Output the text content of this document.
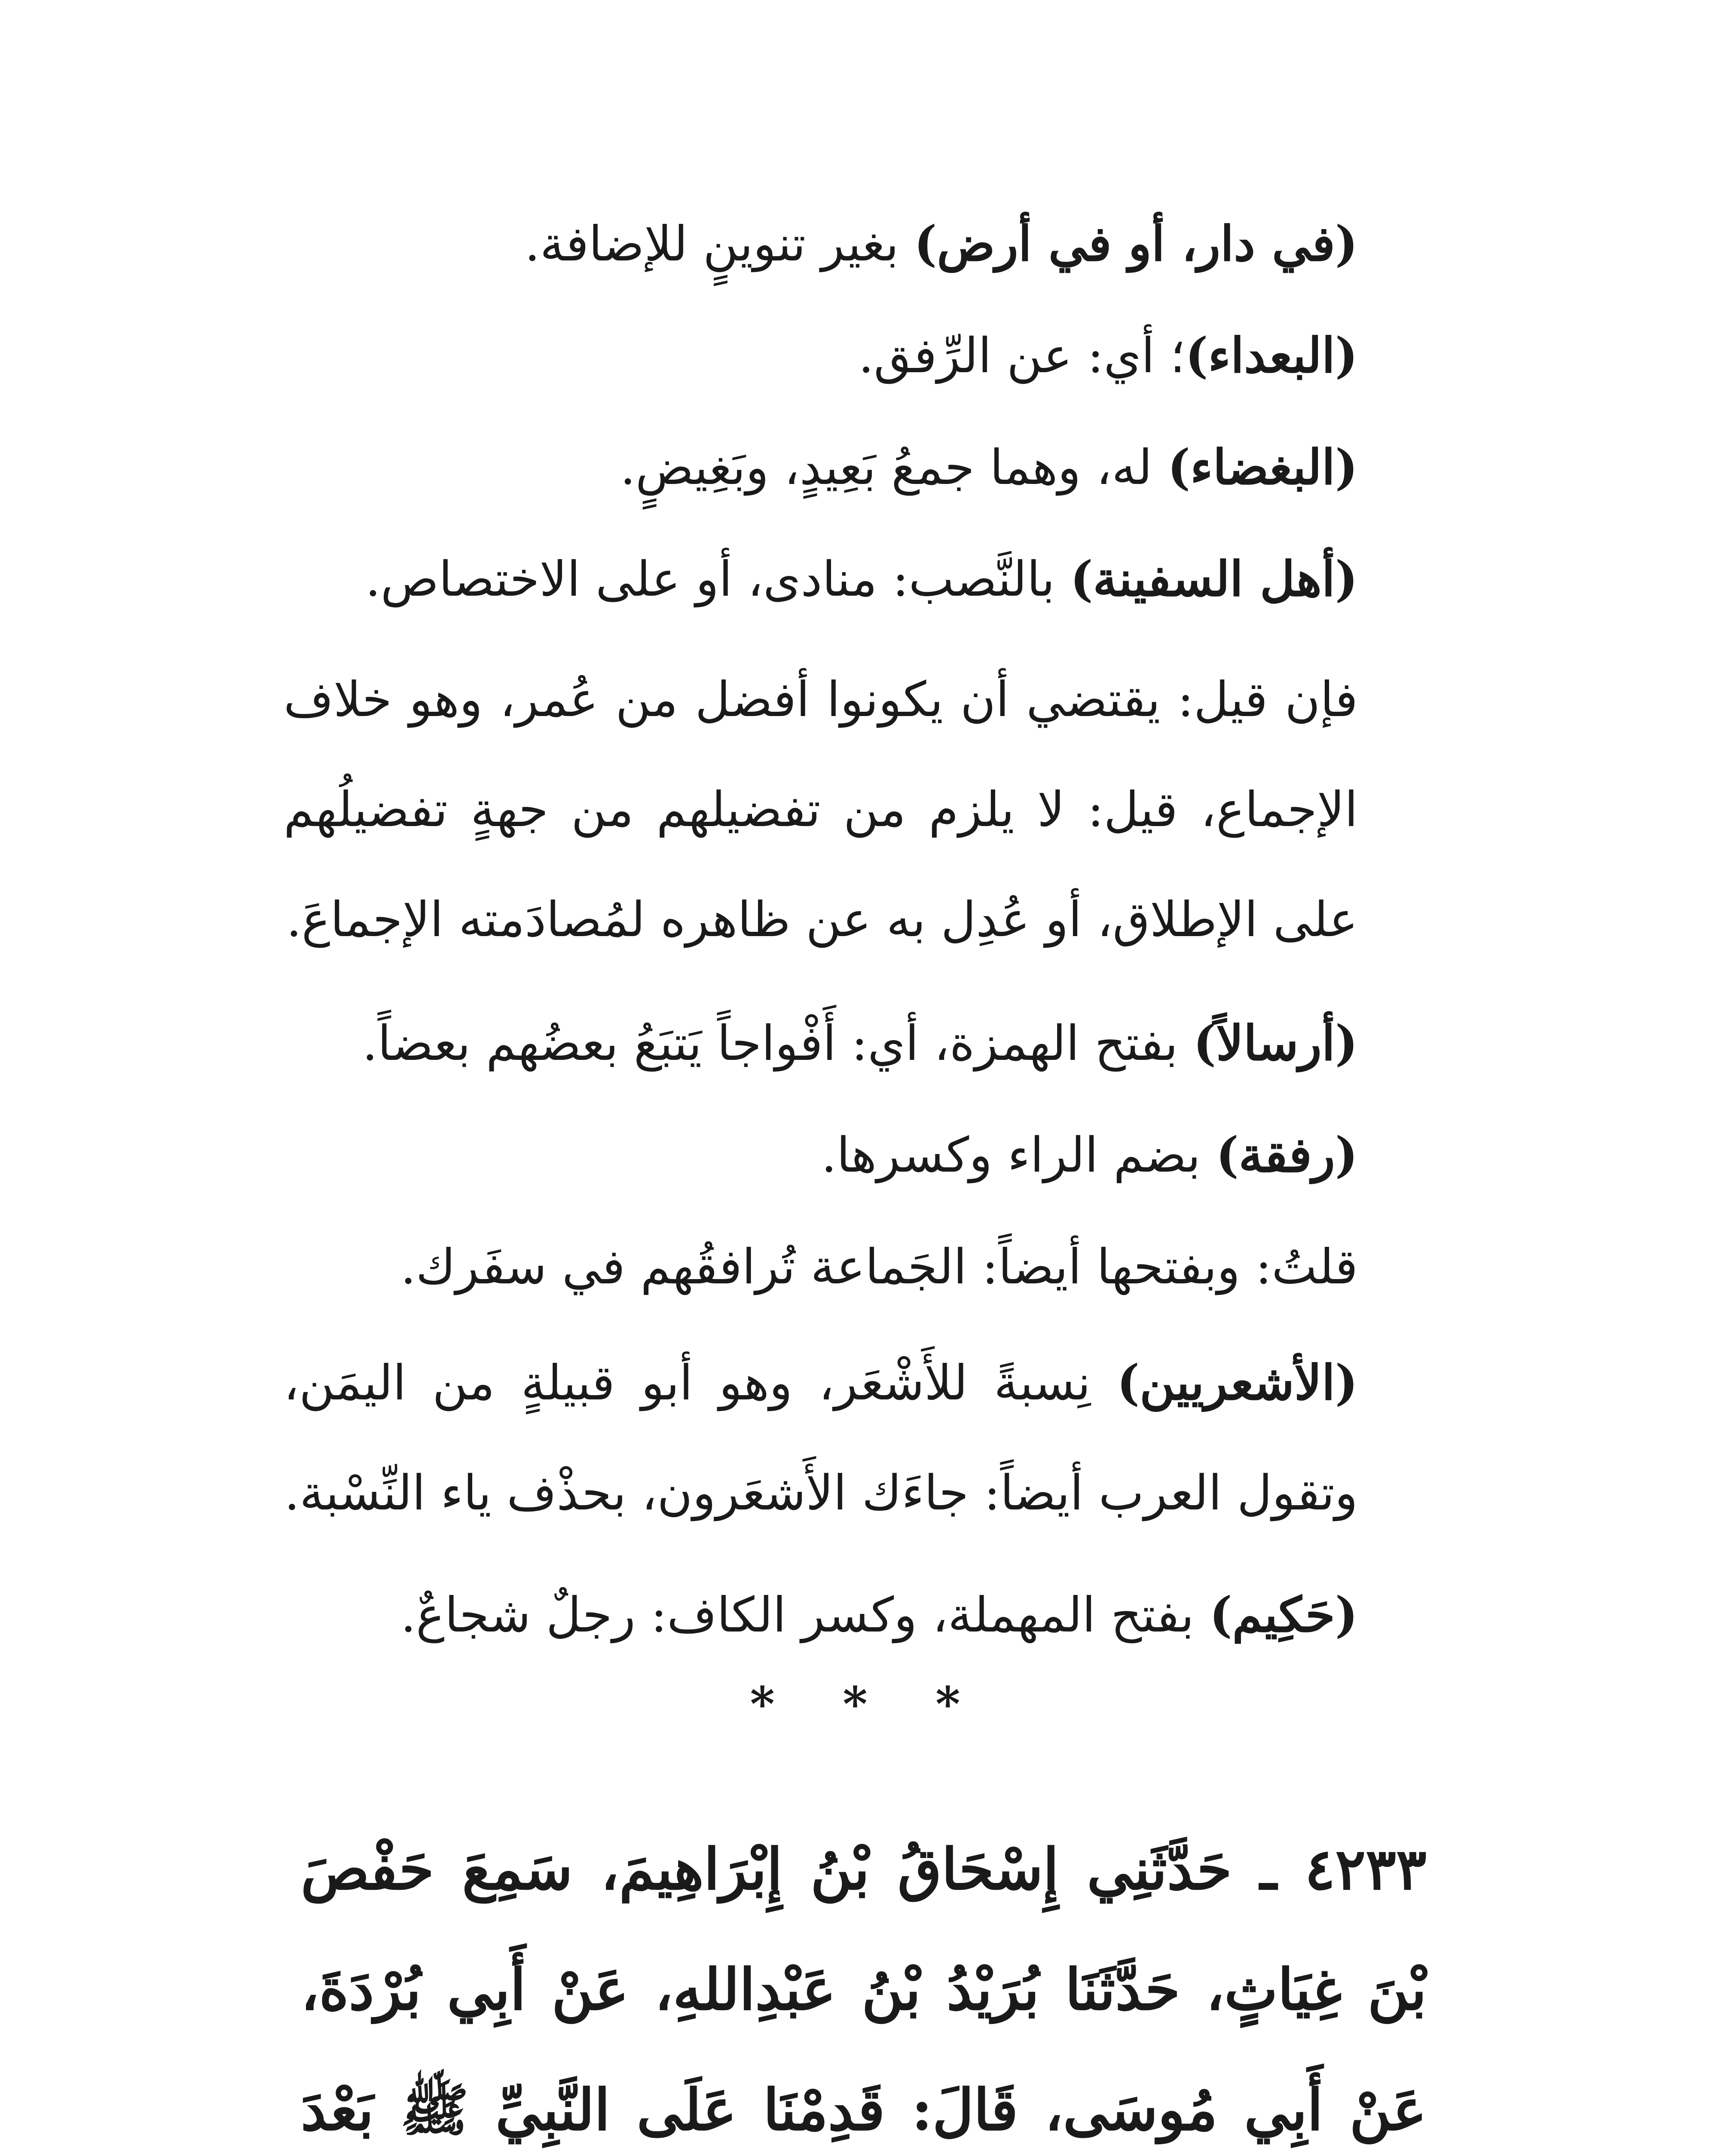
(في دار، أو في أرض) بغير تنوينٍ للإضافة.
(البعداء)؛ أي: عن الرِّفق.
(البغضاء) له، وهما جمعُ بَعِيدٍ، وبَغِيضٍ.
(أهل السفينة) بالنَّصب: منادى، أو على الاختصاص.
فإن قيل: يقتضي أن يكونوا أفضل من عُمر، وهو خلاف الإجماع، قيل: لا يلزم من تفضيلهم من جهةٍ تفضيلُهم على الإطلاق، أو عُدِل به عن ظاهره لمُصادَمته الإجماعَ.
(أرسالاً) بفتح الهمزة، أي: أَفْواجاً يَتبَعُ بعضُهم بعضاً.
(رفقة) بضم الراء وكسرها.
قلتُ: وبفتحها أيضاً: الجَماعة تُرافقُهم في سفَرك.
(الأشعريين) نِسبةً للأَشْعَر، وهو أبو قبيلةٍ من اليمَن، وتقول العرب أيضاً: جاءَك الأَشعَرون، بحذْف ياء النِّسْبة.
(حَكِيم) بفتح المهملة، وكسر الكاف: رجلٌ شجاعٌ.
* * *
٤٢٣٣ ـ حَدَّثَنِي إِسْحَاقُ بْنُ إِبْرَاهِيمَ، سَمِعَ حَفْصَ بْنَ غِيَاثٍ، حَدَّثَنَا بُرَيْدُ بْنُ عَبْدِاللهِ، عَنْ أَبِي بُرْدَةَ، عَنْ أَبِي مُوسَى، قَالَ: قَدِمْنَا عَلَى النَّبِيِّ ﷺ بَعْدَ
